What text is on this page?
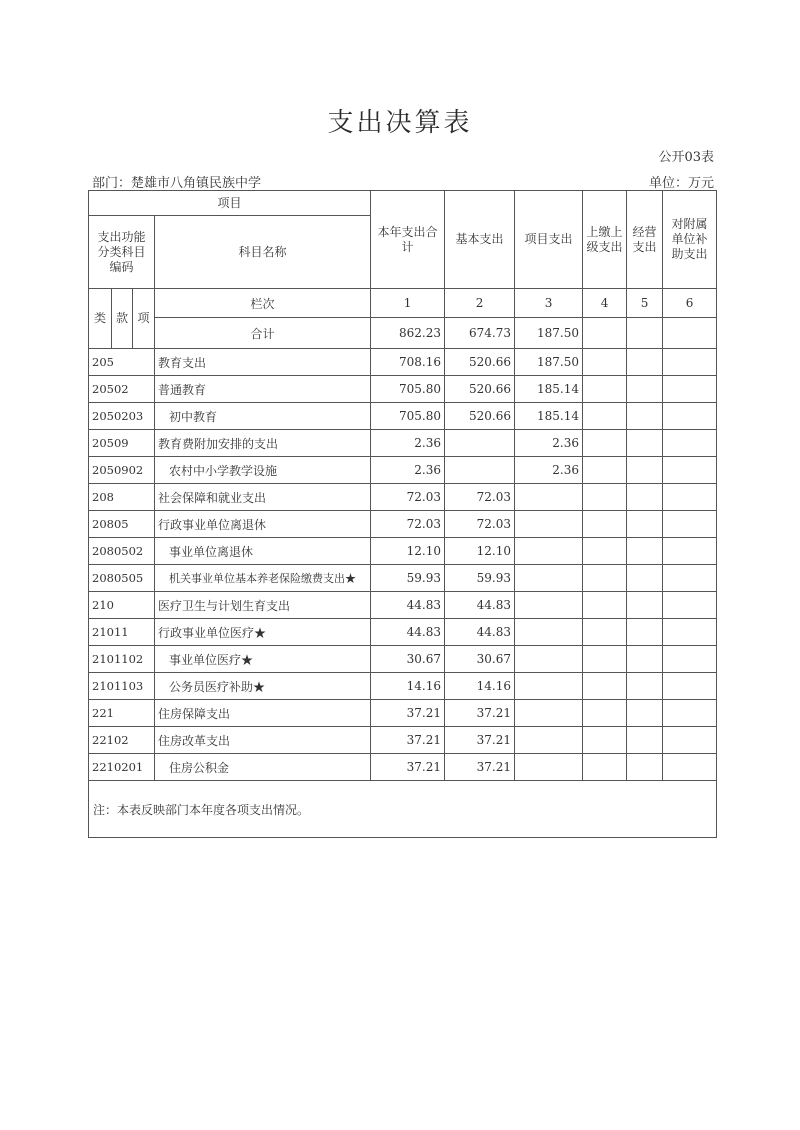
支出决算表
公开03表
部门：楚雄市八角镇民族中学	单位：万元
项目				本年支出合计	基本支出	项目支出	上缴上级支出	经营支出	对附属单位补助支出
支出功能分类科目编码			科目名称						
类	款	项	栏次	1	2	3	4	5	6
			合计	862.23	674.73	187.50			
205			教育支出	708.16	520.66	187.50			
20502			普通教育	705.80	520.66	185.14			
2050203			初中教育	705.80	520.66	185.14			
20509			教育费附加安排的支出	2.36		2.36			
2050902			农村中小学教学设施	2.36		2.36			
208			社会保障和就业支出	72.03	72.03				
20805			行政事业单位离退休	72.03	72.03				
2080502			事业单位离退休	12.10	12.10				
2080505			机关事业单位基本养老保险缴费支出★	59.93	59.93				
210			医疗卫生与计划生育支出	44.83	44.83				
21011			行政事业单位医疗★	44.83	44.83				
2101102			事业单位医疗★	30.67	30.67				
2101103			公务员医疗补助★	14.16	14.16				
221			住房保障支出	37.21	37.21				
22102			住房改革支出	37.21	37.21				
2210201			住房公积金	37.21	37.21				
注：本表反映部门本年度各项支出情况。									
